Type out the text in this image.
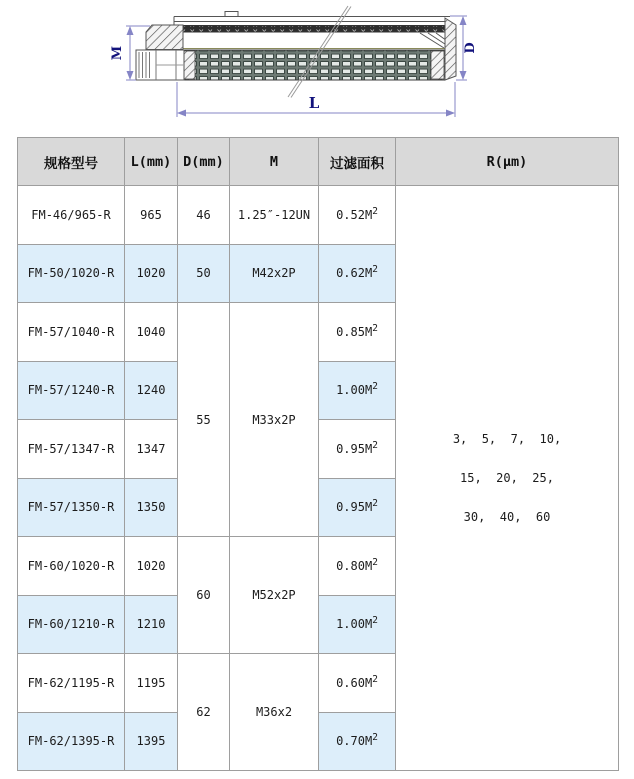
M	D
L
规格型号	L(mm)	D(mm)	M	过滤面积	R(μm)
FM-46/965-R	965	46	1.25″-12UN	$0.52M^2$	3,  5,  7,  10,
15,  20,  25,
30,  40,  60

FM-50/1020-R	1020	50	M42x2P	$0.62M^2$
FM-57/1040-R	1040	55	M33x2P	$0.85M^2$
FM-57/1240-R	1240			$1.00M^2$
FM-57/1347-R	1347			$0.95M^2$
FM-57/1350-R	1350			$0.95M^2$
FM-60/1020-R	1020	60	M52x2P	$0.80M^2$
FM-60/1210-R	1210			$1.00M^2$
FM-62/1195-R	1195	62	M36x2	$0.60M^2$
FM-62/1395-R	1395			$0.70M^2$
